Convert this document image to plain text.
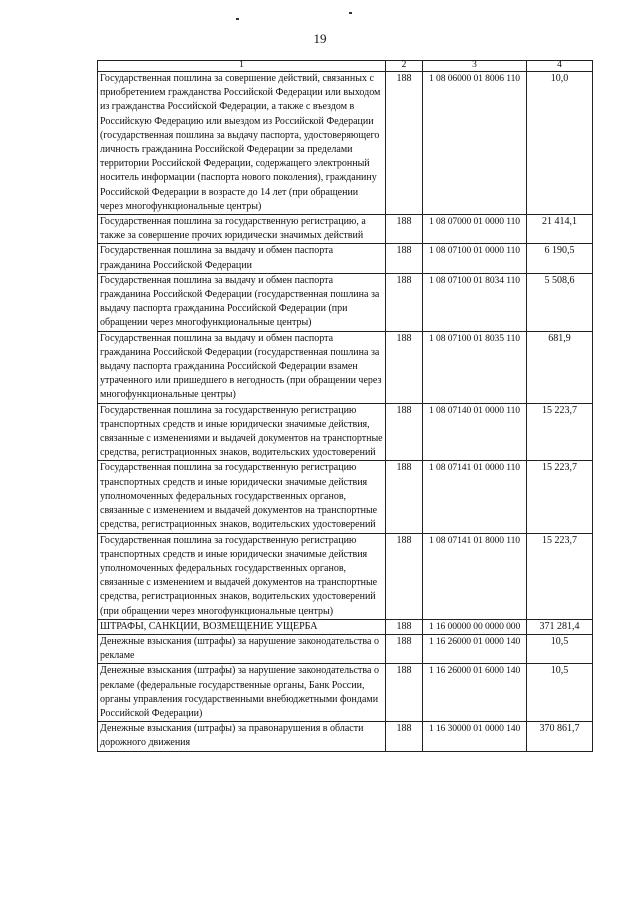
19
1	2	3	4
Государственная пошлина за совершение действий, связанных с приобретением гражданства Российской Федерации или выходом из гражданства Российской Федерации, а также с въездом в Российскую Федерацию или выездом из Российской Федерации (государственная пошлина за выдачу паспорта, удостоверяющего личность гражданина Российской Федерации за пределами территории Российской Федерации, содержащего электронный носитель информации (паспорта нового поколения), гражданину Российской Федерации в возрасте до 14 лет (при обращении через многофункциональные центры)	188	1 08 06000 01 8006 110	10,0
Государственная пошлина за государственную регистрацию, а также за совершение прочих юридически значимых действий	188	1 08 07000 01 0000 110	21 414,1
Государственная пошлина за выдачу и обмен паспорта гражданина Российской Федерации	188	1 08 07100 01 0000 110	6 190,5
Государственная пошлина за выдачу и обмен паспорта гражданина Российской Федерации (государственная пошлина за выдачу паспорта гражданина Российской Федерации (при обращении через многофункциональные центры)	188	1 08 07100 01 8034 110	5 508,6
Государственная пошлина за выдачу и обмен паспорта гражданина Российской Федерации (государственная пошлина за выдачу паспорта гражданина Российской Федерации взамен утраченного или пришедшего в негодность (при обращении через многофункциональные центры)	188	1 08 07100 01 8035 110	681,9
Государственная пошлина за государственную регистрацию транспортных средств и иные юридически значимые действия, связанные с изменениями и выдачей документов на транспортные средства, регистрационных знаков, водительских удостоверений	188	1 08 07140 01 0000 110	15 223,7
Государственная пошлина за государственную регистрацию транспортных средств и иные юридически значимые действия уполномоченных федеральных государственных органов, связанные с изменением и выдачей документов на транспортные средства, регистрационных знаков, водительских удостоверений	188	1 08 07141 01 0000 110	15 223,7
Государственная пошлина за государственную регистрацию транспортных средств и иные юридически значимые действия уполномоченных федеральных государственных органов, связанные с изменением и выдачей документов на транспортные средства, регистрационных знаков, водительских удостоверений (при обращении через многофункциональные центры)	188	1 08 07141 01 8000 110	15 223,7
ШТРАФЫ, САНКЦИИ, ВОЗМЕЩЕНИЕ УЩЕРБА	188	1 16 00000 00 0000 000	371 281,4
Денежные взыскания (штрафы) за нарушение законодательства о рекламе	188	1 16 26000 01 0000 140	10,5
Денежные взыскания (штрафы) за нарушение законодательства о рекламе (федеральные государственные органы, Банк России, органы управления государственными внебюджетными фондами Российской Федерации)	188	1 16 26000 01 6000 140	10,5
Денежные взыскания (штрафы) за правонарушения в области дорожного движения	188	1 16 30000 01 0000 140	370 861,7
